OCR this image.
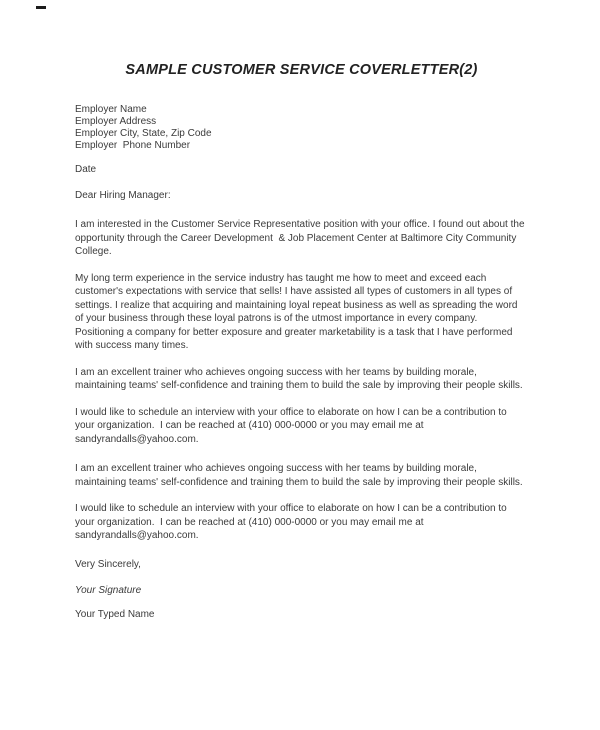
SAMPLE CUSTOMER SERVICE COVERLETTER(2)
Employer Name
Employer Address
Employer City, State, Zip Code
Employer  Phone Number
Date
Dear Hiring Manager:

I am interested in the Customer Service Representative position with your office. I found out about the opportunity through the Career Development  & Job Placement Center at Baltimore City Community College.

My long term experience in the service industry has taught me how to meet and exceed each customer's expectations with service that sells! I have assisted all types of customers in all types of settings. I realize that acquiring and maintaining loyal repeat business as well as spreading the word of your business through these loyal patrons is of the utmost importance in every company. Positioning a company for better exposure and greater marketability is a task that I have performed with success many times.

I am an excellent trainer who achieves ongoing success with her teams by building morale, maintaining teams' self-confidence and training them to build the sale by improving their people skills.

I would like to schedule an interview with your office to elaborate on how I can be a contribution to your organization.  I can be reached at (410) 000-0000 or you may email me at sandyrandalls@yahoo.com.

I am an excellent trainer who achieves ongoing success with her teams by building morale, maintaining teams' self-confidence and training them to build the sale by improving their people skills.

I would like to schedule an interview with your office to elaborate on how I can be a contribution to your organization.  I can be reached at (410) 000-0000 or you may email me at sandyrandalls@yahoo.com.

Very Sincerely,
Your Signature
Your Typed Name
